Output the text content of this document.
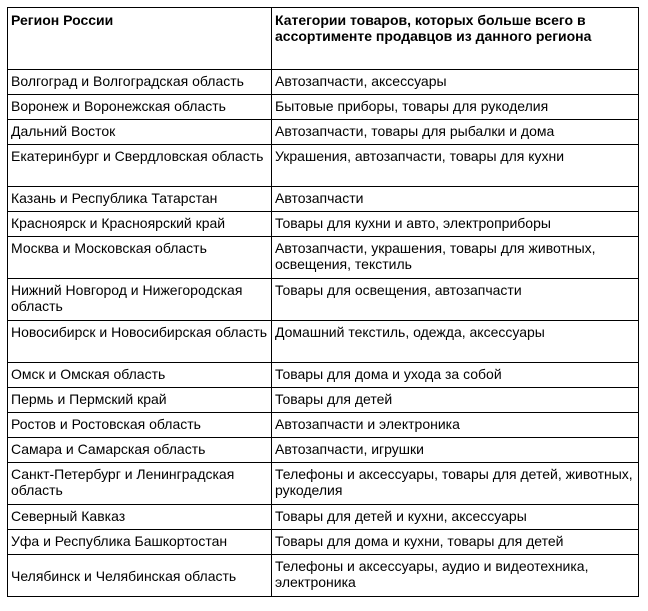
Регион России	Категории товаров, которых больше всего в ассортименте продавцов из данного региона
Волгоград и Волгоградская область	Автозапчасти, аксессуары
Воронеж и Воронежская область	Бытовые приборы, товары для рукоделия
Дальний Восток	Автозапчасти, товары для рыбалки и дома
Екатеринбург и Свердловская область	Украшения, автозапчасти, товары для кухни
Казань и Республика Татарстан	Автозапчасти
Красноярск и Красноярский край	Товары для кухни и авто, электроприборы
Москва и Московская область	Автозапчасти, украшения, товары для животных, освещения, текстиль
Нижний Новгород и Нижегородская область	Товары для освещения, автозапчасти
Новосибирск и Новосибирская область	Домашний текстиль, одежда, аксессуары
Омск и Омская область	Товары для дома и ухода за собой
Пермь и Пермский край	Товары для детей
Ростов и Ростовская область	Автозапчасти и электроника
Самара и Самарская область	Автозапчасти, игрушки
Санкт-Петербург и Ленинградская область	Телефоны и аксессуары, товары для детей, животных, рукоделия
Северный Кавказ	Товары для детей и кухни, аксессуары
Уфа и Республика Башкортостан	Товары для дома и кухни, товары для детей
Челябинск и Челябинская область	Телефоны и аксессуары, аудио и видеотехника, электроника
